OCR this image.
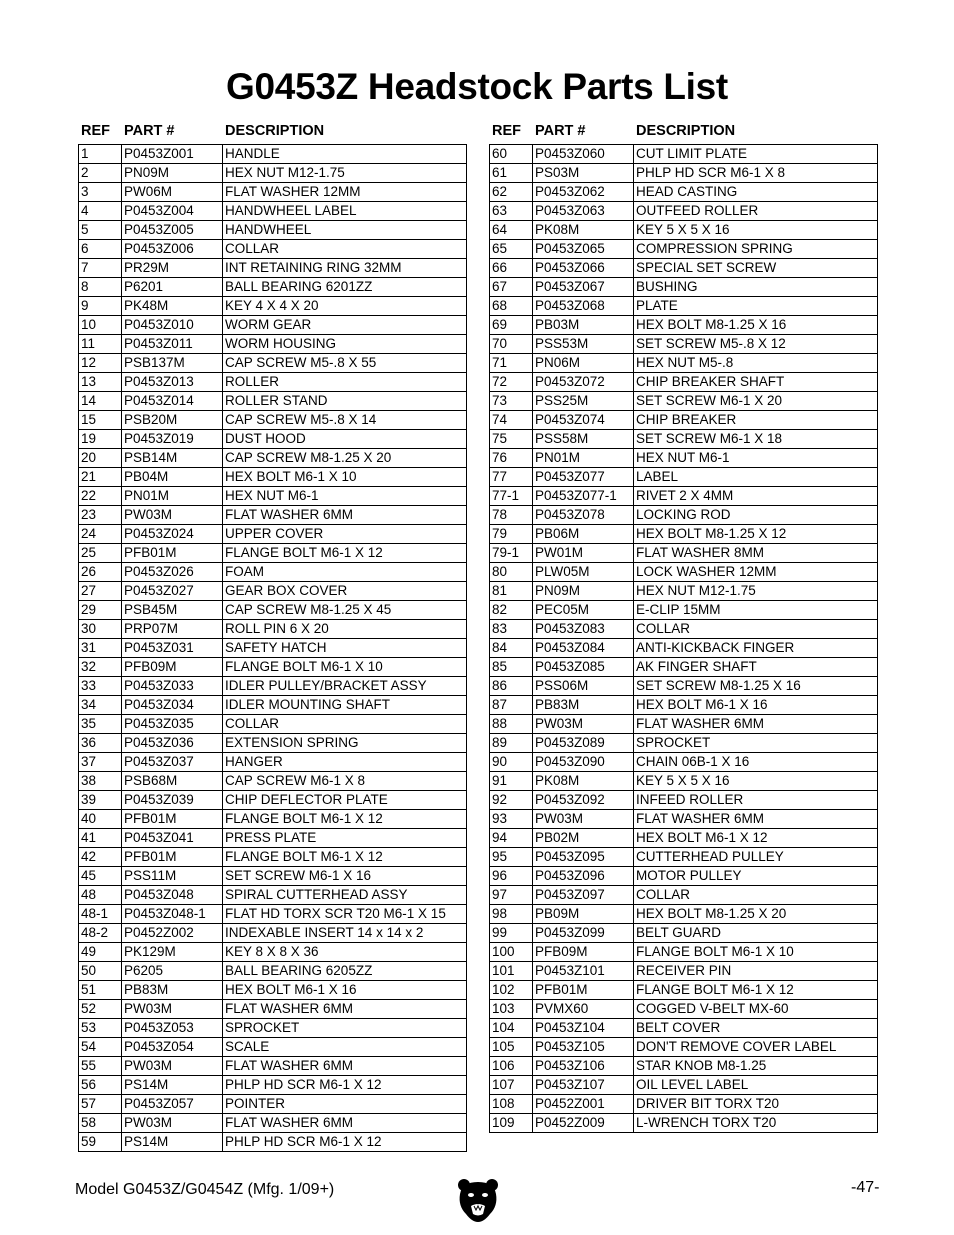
G0453Z Headstock Parts List
REF PART #	DESCRIPTION
1	P0453Z001	HANDLE
2	PN09M	HEX NUT M12-1.75
3	PW06M	FLAT WASHER 12MM
4	P0453Z004	HANDWHEEL LABEL
5	P0453Z005	HANDWHEEL
6	P0453Z006	COLLAR
7	PR29M	INT RETAINING RING 32MM
8	P6201	BALL BEARING 6201ZZ
9	PK48M	KEY 4 X 4 X 20
10	P0453Z010	WORM GEAR
11	P0453Z011	WORM HOUSING
12	PSB137M	CAP SCREW M5-.8 X 55
13	P0453Z013	ROLLER
14	P0453Z014	ROLLER STAND
15	PSB20M	CAP SCREW M5-.8 X 14
19	P0453Z019	DUST HOOD
20	PSB14M	CAP SCREW M8-1.25 X 20
21	PB04M	HEX BOLT M6-1 X 10
22	PN01M	HEX NUT M6-1
23	PW03M	FLAT WASHER 6MM
24	P0453Z024	UPPER COVER
25	PFB01M	FLANGE BOLT M6-1 X 12
26	P0453Z026	FOAM
27	P0453Z027	GEAR BOX COVER
29	PSB45M	CAP SCREW M8-1.25 X 45
30	PRP07M	ROLL PIN 6 X 20
31	P0453Z031	SAFETY HATCH
32	PFB09M	FLANGE BOLT M6-1 X 10
33	P0453Z033	IDLER PULLEY/BRACKET ASSY
34	P0453Z034	IDLER MOUNTING SHAFT
35	P0453Z035	COLLAR
36	P0453Z036	EXTENSION SPRING
37	P0453Z037	HANGER
38	PSB68M	CAP SCREW M6-1 X 8
39	P0453Z039	CHIP DEFLECTOR PLATE
40	PFB01M	FLANGE BOLT M6-1 X 12
41	P0453Z041	PRESS PLATE
42	PFB01M	FLANGE BOLT M6-1 X 12
45	PSS11M	SET SCREW M6-1 X 16
48	P0453Z048	SPIRAL CUTTERHEAD ASSY
48-1	P0453Z048-1	FLAT HD TORX SCR T20 M6-1 X 15
48-2	P0452Z002	INDEXABLE INSERT 14 x 14 x 2
49	PK129M	KEY 8 X 8 X 36
50	P6205	BALL BEARING 6205ZZ
51	PB83M	HEX BOLT M6-1 X 16
52	PW03M	FLAT WASHER 6MM
53	P0453Z053	SPROCKET
54	P0453Z054	SCALE
55	PW03M	FLAT WASHER 6MM
56	PS14M	PHLP HD SCR M6-1 X 12
57	P0453Z057	POINTER
58	PW03M	FLAT WASHER 6MM
59	PS14M	PHLP HD SCR M6-1 X 12
REF PART #	DESCRIPTION
60	P0453Z060	CUT LIMIT PLATE
61	PS03M	PHLP HD SCR M6-1 X 8
62	P0453Z062	HEAD CASTING
63	P0453Z063	OUTFEED ROLLER
64	PK08M	KEY 5 X 5 X 16
65	P0453Z065	COMPRESSION SPRING
66	P0453Z066	SPECIAL SET SCREW
67	P0453Z067	BUSHING
68	P0453Z068	PLATE
69	PB03M	HEX BOLT M8-1.25 X 16
70	PSS53M	SET SCREW M5-.8 X 12
71	PN06M	HEX NUT M5-.8
72	P0453Z072	CHIP BREAKER SHAFT
73	PSS25M	SET SCREW M6-1 X 20
74	P0453Z074	CHIP BREAKER
75	PSS58M	SET SCREW M6-1 X 18
76	PN01M	HEX NUT M6-1
77	P0453Z077	LABEL
77-1	P0453Z077-1	RIVET 2 X 4MM
78	P0453Z078	LOCKING ROD
79	PB06M	HEX BOLT M8-1.25 X 12
79-1	PW01M	FLAT WASHER 8MM
80	PLW05M	LOCK WASHER 12MM
81	PN09M	HEX NUT M12-1.75
82	PEC05M	E-CLIP 15MM
83	P0453Z083	COLLAR
84	P0453Z084	ANTI-KICKBACK FINGER
85	P0453Z085	AK FINGER SHAFT
86	PSS06M	SET SCREW M8-1.25 X 16
87	PB83M	HEX BOLT M6-1 X 16
88	PW03M	FLAT WASHER 6MM
89	P0453Z089	SPROCKET
90	P0453Z090	CHAIN 06B-1 X 16
91	PK08M	KEY 5 X 5 X 16
92	P0453Z092	INFEED ROLLER
93	PW03M	FLAT WASHER 6MM
94	PB02M	HEX BOLT M6-1 X 12
95	P0453Z095	CUTTERHEAD PULLEY
96	P0453Z096	MOTOR PULLEY
97	P0453Z097	COLLAR
98	PB09M	HEX BOLT M8-1.25 X 20
99	P0453Z099	BELT GUARD
100	PFB09M	FLANGE BOLT M6-1 X 10
101	P0453Z101	RECEIVER PIN
102	PFB01M	FLANGE BOLT M6-1 X 12
103	PVMX60	COGGED V-BELT MX-60
104	P0453Z104	BELT COVER
105	P0453Z105	DON'T REMOVE COVER LABEL
106	P0453Z106	STAR KNOB M8-1.25
107	P0453Z107	OIL LEVEL LABEL
108	P0452Z001	DRIVER BIT TORX T20
109	P0452Z009	L-WRENCH TORX T20
Model G0453Z/G0454Z (Mfg. 1/09+)	-47-
